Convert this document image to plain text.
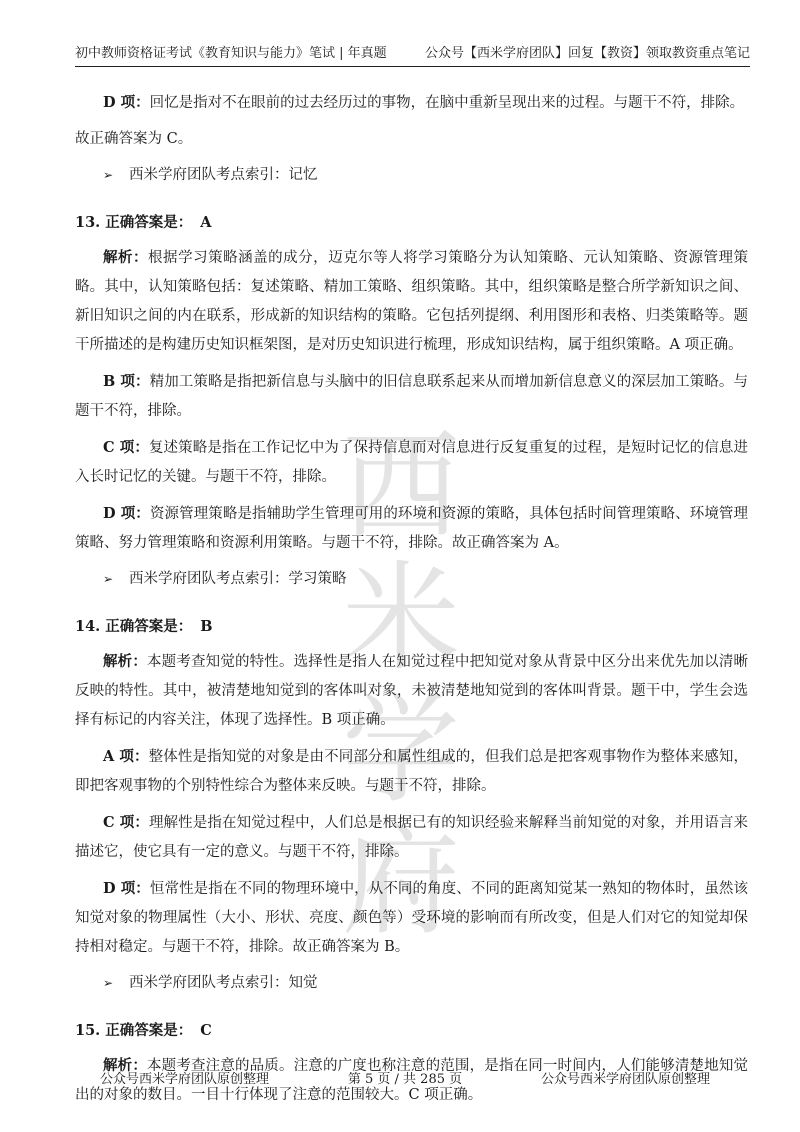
初中教师资格证考试《教育知识与能力》笔试 | 年真题	公众号【西米学府团队】回复【教资】领取教资重点笔记
西米学府

D 项：回忆是指对不在眼前的过去经历过的事物，在脑中重新呈现出来的过程。与题干不符，排除。

故正确答案为 C。

➢	西米学府团队考点索引：记忆
13. 正确答案是： A

解析：根据学习策略涵盖的成分，迈克尔等人将学习策略分为认知策略、元认知策略、资源管理策略。其中，认知策略包括：复述策略、精加工策略、组织策略。其中，组织策略是整合所学新知识之间、新旧知识之间的内在联系，形成新的知识结构的策略。它包括列提纲、利用图形和表格、归类策略等。题干所描述的是构建历史知识框架图，是对历史知识进行梳理，形成知识结构，属于组织策略。A 项正确。

B 项：精加工策略是指把新信息与头脑中的旧信息联系起来从而增加新信息意义的深层加工策略。与题干不符，排除。

C 项：复述策略是指在工作记忆中为了保持信息而对信息进行反复重复的过程，是短时记忆的信息进入长时记忆的关键。与题干不符，排除。

D 项：资源管理策略是指辅助学生管理可用的环境和资源的策略，具体包括时间管理策略、环境管理策略、努力管理策略和资源利用策略。与题干不符，排除。故正确答案为 A。

➢	西米学府团队考点索引：学习策略
14. 正确答案是： B

解析：本题考查知觉的特性。选择性是指人在知觉过程中把知觉对象从背景中区分出来优先加以清晰反映的特性。其中，被清楚地知觉到的客体叫对象，未被清楚地知觉到的客体叫背景。题干中，学生会选择有标记的内容关注，体现了选择性。B 项正确。

A 项：整体性是指知觉的对象是由不同部分和属性组成的，但我们总是把客观事物作为整体来感知，即把客观事物的个别特性综合为整体来反映。与题干不符，排除。

C 项：理解性是指在知觉过程中，人们总是根据已有的知识经验来解释当前知觉的对象，并用语言来描述它，使它具有一定的意义。与题干不符，排除。

D 项：恒常性是指在不同的物理环境中，从不同的角度、不同的距离知觉某一熟知的物体时，虽然该知觉对象的物理属性（大小、形状、亮度、颜色等）受环境的影响而有所改变，但是人们对它的知觉却保持相对稳定。与题干不符，排除。故正确答案为 B。

➢	西米学府团队考点索引：知觉
15. 正确答案是： C

解析：本题考查注意的品质。注意的广度也称注意的范围，是指在同一时间内，人们能够清楚地知觉出的对象的数目。一目十行体现了注意的范围较大。C 项正确。

公众号西米学府团队原创整理	第 5 页 / 共 285 页	公众号西米学府团队原创整理
